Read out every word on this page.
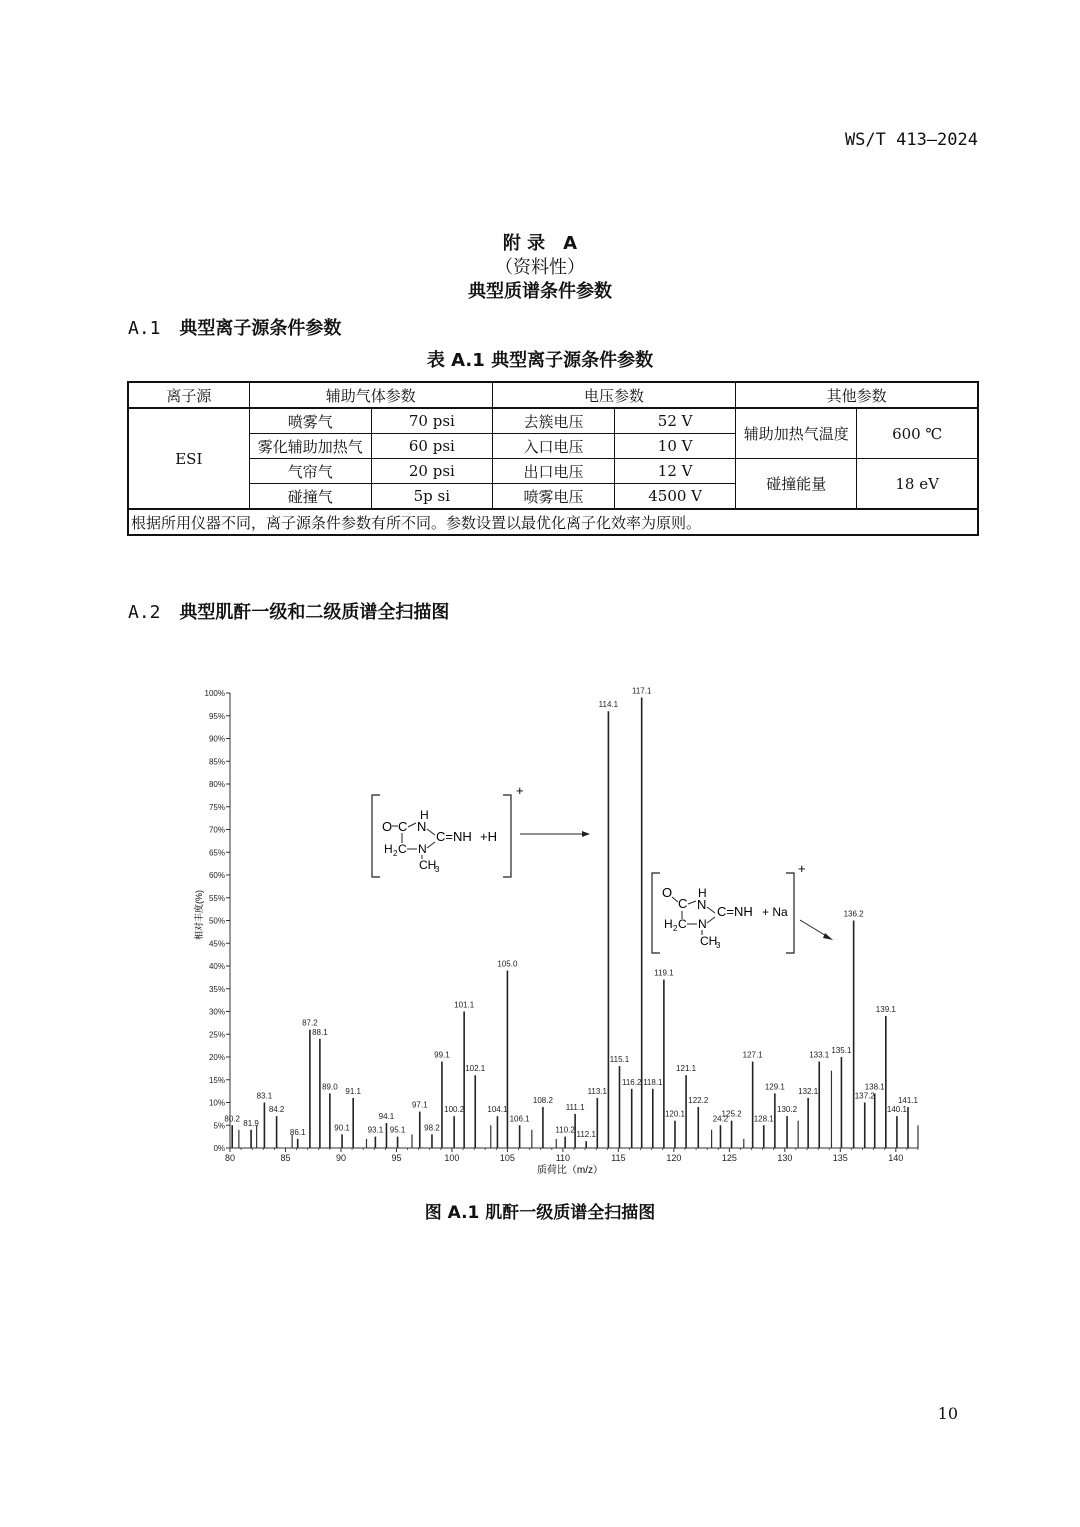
WS/T 413—2024
附 录　A
（资料性）
典型质谱条件参数
A.1 典型离子源条件参数
表 A.1 典型离子源条件参数
离子源	辅助气体参数		电压参数		其他参数	
ESI	喷雾气	70 psi	去簇电压	52 V	辅助加热气温度	600 ℃
	雾化辅助加热气	60 psi	入口电压	10 V		
	气帘气	20 psi	出口电压	12 V	碰撞能量	18 eV
	碰撞气	5p si	喷雾电压	4500 V		
根据所用仪器不同，离子源条件参数有所不同。参数设置以最优化离子化效率为原则。						
A.2 典型肌酐一级和二级质谱全扫描图
0%
5%
10%
15%
20%
25%
30%
35%
40%
45%
50%
55%
60%
65%
70%
75%
80%
85%
90%
95%
100%
80	85	90	95	100	105	110	115	120	125	130	135	140
80.2
81.9
83.1
84.2
86.1
87.2
88.1
89.0
90.1
91.1
93.1
94.1
95.1
97.1
98.2
99.1
100.2
101.1
102.1
104.1
105.0
106.1
108.2
110.2
111.1
112.1
113.1
114.1
115.1
116.2
117.1
118.1
119.1
120.1
121.1
122.2
24.2
125.2
127.1
128.1
129.1
130.2
132.1
133.1
135.1
136.2
137.2
138.1
139.1
140.1
141.1
相对丰度(%)
质荷比（m/z）
+
O C
H
N
C=NH +H
H 2 C N
CH
3	+
O
C
H
N C=NH + Na
H 2 C N
CH
3
图 A.1 肌酐一级质谱全扫描图
10
